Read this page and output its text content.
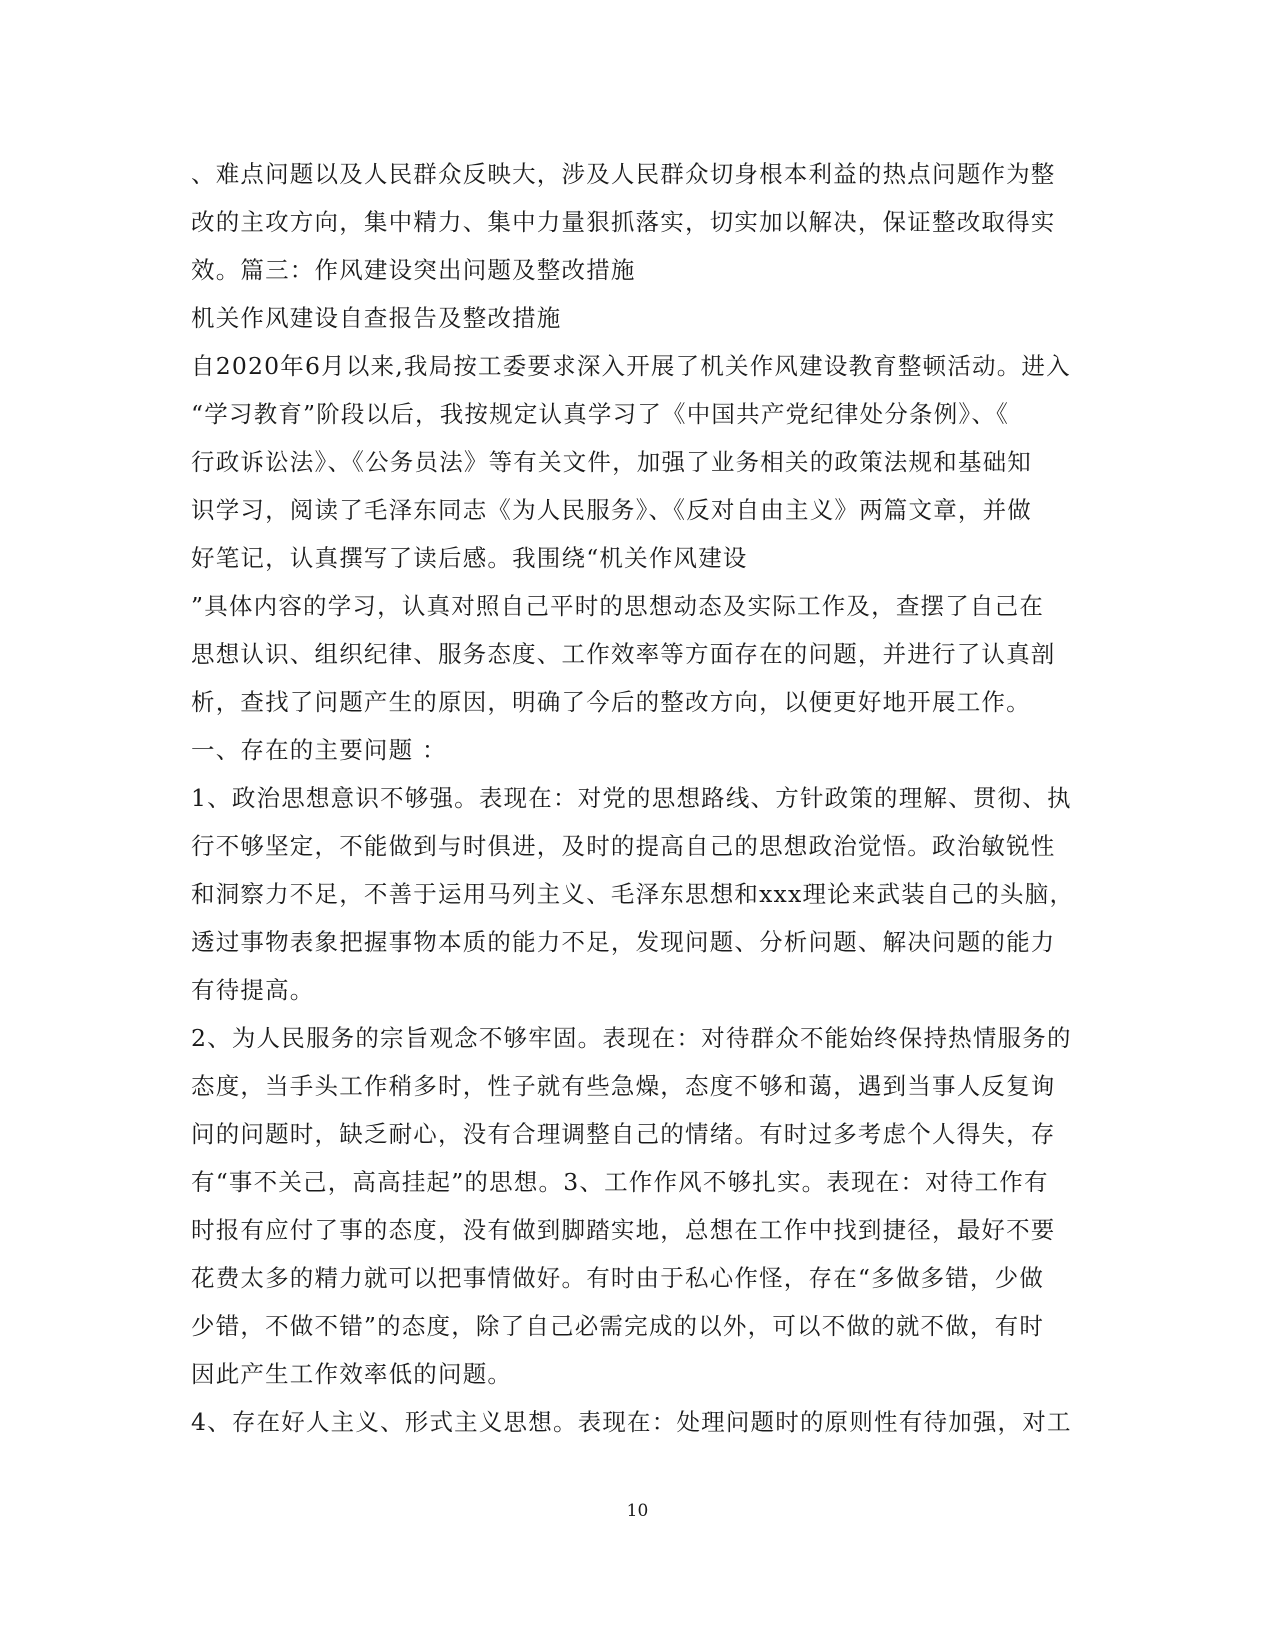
、难点问题以及人民群众反映大，涉及人民群众切身根本利益的热点问题作为整
改的主攻方向，集中精力、集中力量狠抓落实，切实加以解决，保证整改取得实
效。篇三：作风建设突出问题及整改措施
机关作风建设自查报告及整改措施
自2020年6月以来,我局按工委要求深入开展了机关作风建设教育整顿活动。进入
“学习教育”阶段以后，我按规定认真学习了《中国共产党纪律处分条例》、《
行政诉讼法》、《公务员法》等有关文件，加强了业务相关的政策法规和基础知
识学习，阅读了毛泽东同志《为人民服务》、《反对自由主义》两篇文章，并做
好笔记，认真撰写了读后感。我围绕“机关作风建设
”具体内容的学习，认真对照自己平时的思想动态及实际工作及，查摆了自己在
思想认识、组织纪律、服务态度、工作效率等方面存在的问题，并进行了认真剖
析，查找了问题产生的原因，明确了今后的整改方向，以便更好地开展工作。
一、存在的主要问题 ：
1、政治思想意识不够强。表现在：对党的思想路线、方针政策的理解、贯彻、执
行不够坚定，不能做到与时俱进，及时的提高自己的思想政治觉悟。政治敏锐性
和洞察力不足，不善于运用马列主义、毛泽东思想和xxx理论来武装自己的头脑，
透过事物表象把握事物本质的能力不足，发现问题、分析问题、解决问题的能力
有待提高。
2、为人民服务的宗旨观念不够牢固。表现在：对待群众不能始终保持热情服务的
态度，当手头工作稍多时，性子就有些急燥，态度不够和蔼，遇到当事人反复询
问的问题时，缺乏耐心，没有合理调整自己的情绪。有时过多考虑个人得失，存
有“事不关己，高高挂起”的思想。3、工作作风不够扎实。表现在：对待工作有
时报有应付了事的态度，没有做到脚踏实地，总想在工作中找到捷径，最好不要
花费太多的精力就可以把事情做好。有时由于私心作怪，存在“多做多错，少做
少错，不做不错”的态度，除了自己必需完成的以外，可以不做的就不做，有时
因此产生工作效率低的问题。
4、存在好人主义、形式主义思想。表现在：处理问题时的原则性有待加强，对工
10
